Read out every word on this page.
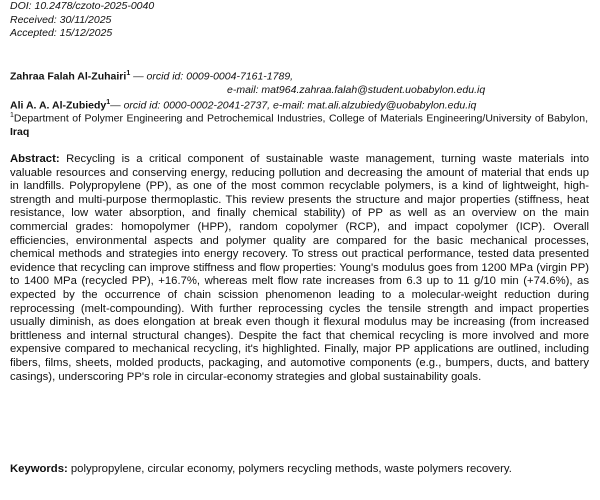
DOI: 10.2478/czoto-2025-0040
Received: 30/11/2025
Accepted: 15/12/2025
Zahraa Falah Al-Zuhairi$^1$ — orcid id: 0009-0004-7161-1789,
e-mail: mat964.zahraa.falah@student.uobabylon.edu.iq
Ali A. A. Al-Zubiedy$^1$— orcid id: 0000-0002-2041-2737, e-mail: mat.ali.alzubiedy@uobabylon.edu.iq
$^1$Department of Polymer Engineering and Petrochemical Industries, College of Materials Engineering/University of Babylon, Iraq
Abstract: Recycling is a critical component of sustainable waste management, turning waste materials into valuable resources and conserving energy, reducing pollution and decreasing the amount of material that ends up in landfills. Polypropylene (PP), as one of the most common recyclable polymers, is a kind of lightweight, high-strength and multi-purpose thermoplastic. This review presents the structure and major properties (stiffness, heat resistance, low water absorption, and finally chemical stability) of PP as well as an overview on the main commercial grades: homopolymer (HPP), random copolymer (RCP), and impact copolymer (ICP). Overall efficiencies, environmental aspects and polymer quality are compared for the basic mechanical processes, chemical methods and strategies into energy recovery. To stress out practical performance, tested data presented evidence that recycling can improve stiffness and flow properties: Young's modulus goes from 1200 MPa (virgin PP) to 1400 MPa (recycled PP), +16.7%, whereas melt flow rate increases from 6.3 up to 11 g/10 min (+74.6%), as expected by the occurrence of chain scission phenomenon leading to a molecular-weight reduction during reprocessing (melt-compounding). With further reprocessing cycles the tensile strength and impact properties usually diminish, as does elongation at break even though it flexural modulus may be increasing (from increased brittleness and internal structural changes). Despite the fact that chemical recycling is more involved and more expensive compared to mechanical recycling, it's highlighted. Finally, major PP applications are outlined, including fibers, films, sheets, molded products, packaging, and automotive components (e.g., bumpers, ducts, and battery casings), underscoring PP's role in circular-economy strategies and global sustainability goals.
Keywords: polypropylene, circular economy, polymers recycling methods, waste polymers recovery.
